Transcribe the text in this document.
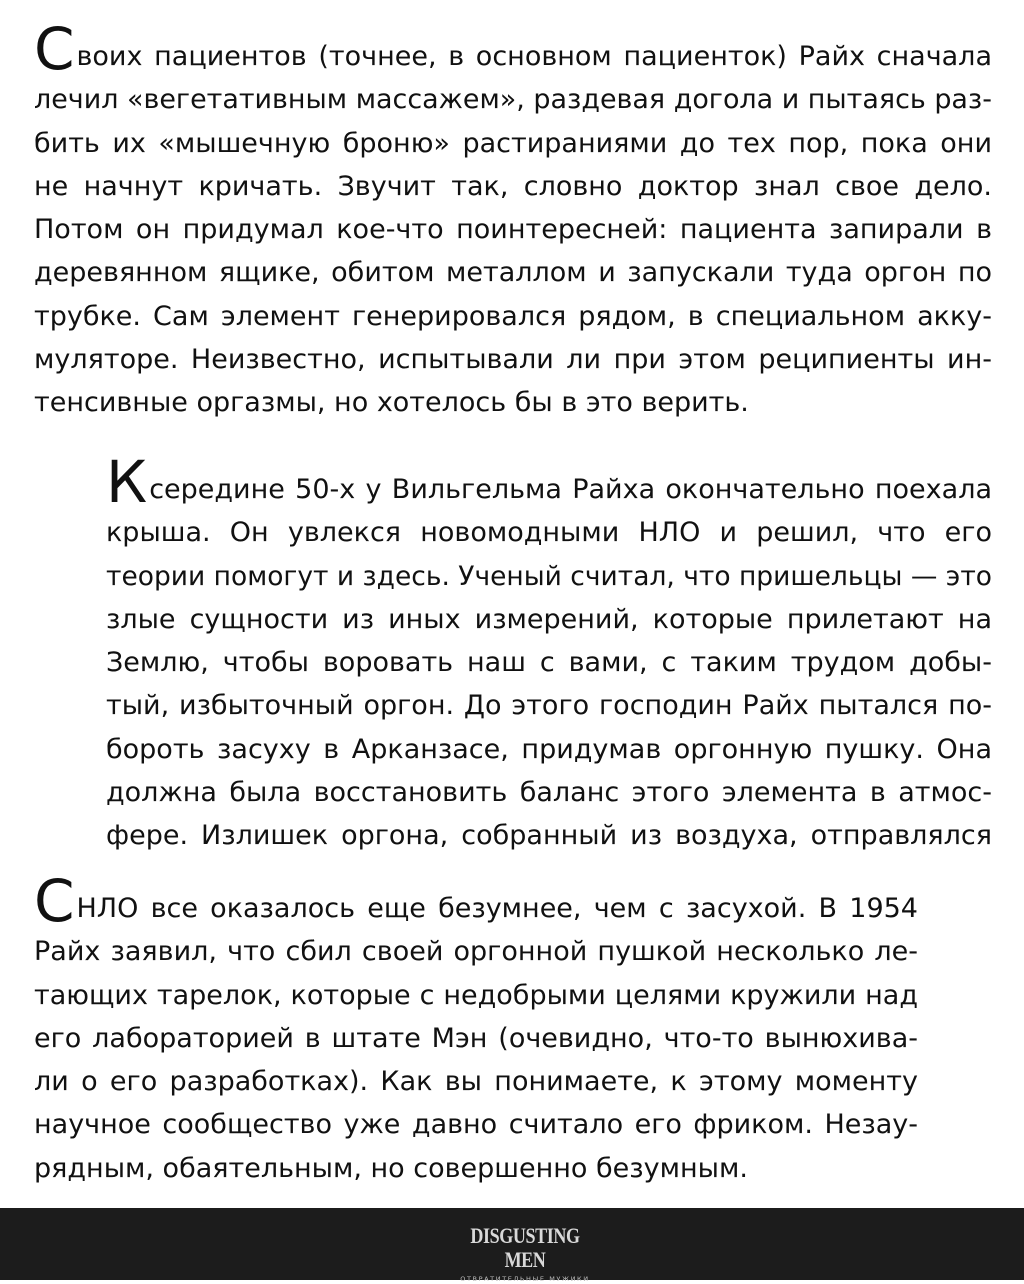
Своих пациентов (точнее, в основном пациенток) Райх сначала
лечил «вегетативным массажем», раздевая догола и пытаясь раз-
бить их «мышечную броню» растираниями до тех пор, пока они
не начнут кричать. Звучит так, словно доктор знал свое дело.
Потом он придумал кое-что поинтересней: пациента запирали в
деревянном ящике, обитом металлом и запускали туда оргон по
трубке. Сам элемент генерировался рядом, в специальном акку-
муляторе. Неизвестно, испытывали ли при этом реципиенты ин-
тенсивные оргазмы, но хотелось бы в это верить.
Ксередине 50-х у Вильгельма Райха окончательно поехала
крыша. Он увлекся новомодными НЛО и решил, что его
теории помогут и здесь. Ученый считал, что пришельцы — это
злые сущности из иных измерений, которые прилетают на
Землю, чтобы воровать наш с вами, с таким трудом добы-
тый, избыточный оргон. До этого господин Райх пытался по-
бороть засуху в Арканзасе, придумав оргонную пушку. Она
должна была восстановить баланс этого элемента в атмос-
фере. Излишек оргона, собранный из воздуха, отправлялся
СНЛО все оказалось еще безумнее, чем с засухой. В 1954
Райх заявил, что сбил своей оргонной пушкой несколько ле-
тающих тарелок, которые с недобрыми целями кружили над
его лабораторией в штате Мэн (очевидно, что-то вынюхива-
ли о его разработках). Как вы понимаете, к этому моменту
научное сообщество уже давно считало его фриком. Незау-
рядным, обаятельным, но совершенно безумным.
DISGUSTING MEN
ОТВРАТИТЕЛЬНЫЕ МУЖИКИ
